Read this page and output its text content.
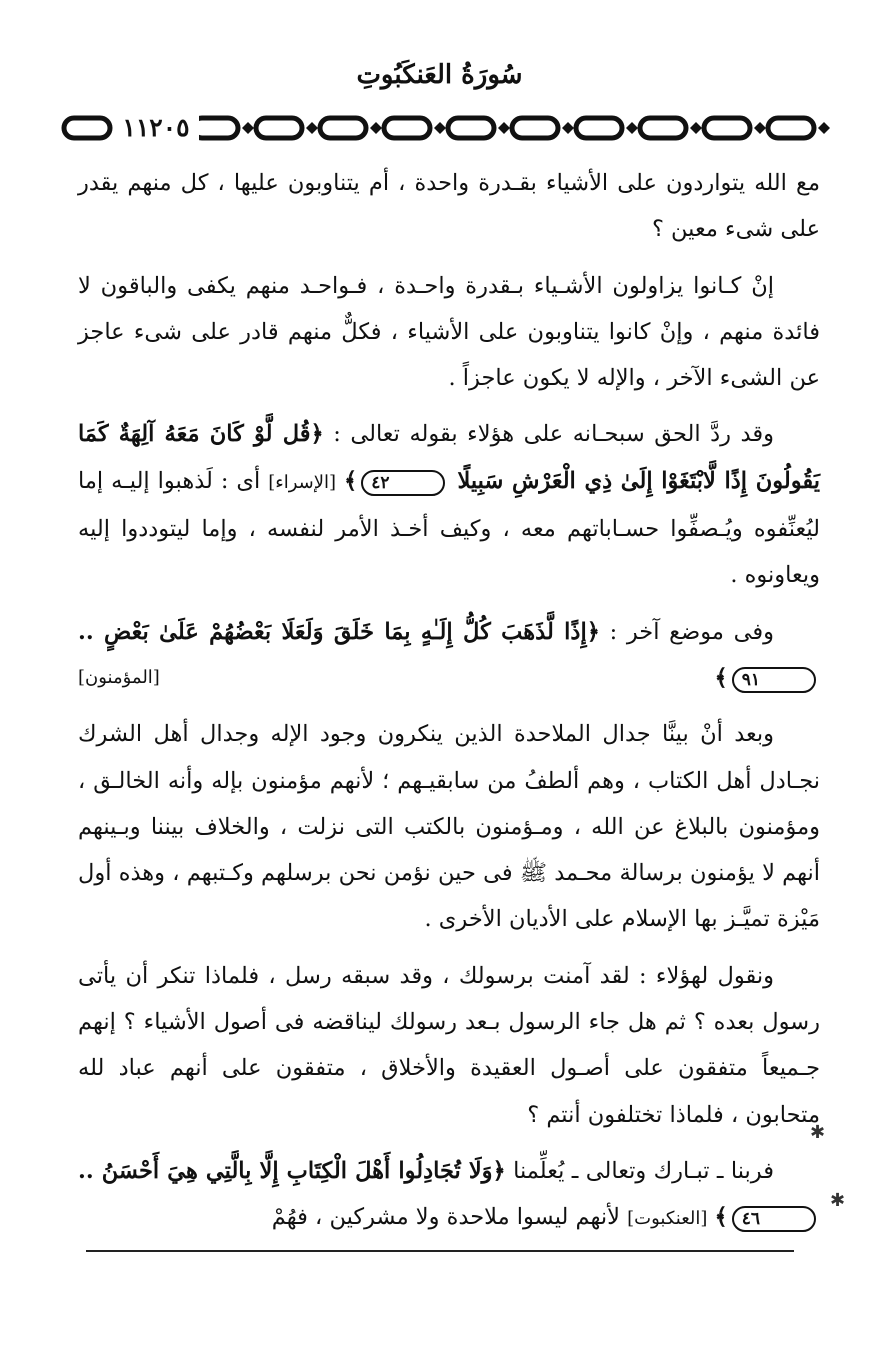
سُورَةُ العَنكَبُوتِ
١١٢٠٥

مع الله يتواردون على الأشياء بقـدرة واحدة ، أم يتناوبون عليها ، كل منهم يقدر على شىء معين ؟

إنْ كـانوا يزاولون الأشـياء بـقدرة واحـدة ، فـواحـد منهم يكفى والباقون لا فائدة منهم ، وإنْ كانوا يتناوبون على الأشياء ، فكلٌّ منهم قادر على شىء عاجز عن الشىء الآخر ، والإله لا يكون عاجزاً .

وقد ردَّ الحق سبحـانه على هؤلاء بقوله تعالى : ﴿قُل لَّوْ كَانَ مَعَهُ آلِهَةٌ كَمَا يَقُولُونَ إِذًا لَّابْتَغَوْا إِلَىٰ ذِي الْعَرْشِ سَبِيلًا ٤٢﴾ [الإسراء] أى : لَذهبوا إليـه إما ليُعنِّفوه ويُـصفِّوا حسـاباتهم معه ، وكيف أخـذ الأمر لنفسه ، وإما ليتوددوا إليه ويعاونوه .

وفى موضع آخر : ﴿إِذًا لَّذَهَبَ كُلُّ إِلَـٰهٍ بِمَا خَلَقَ وَلَعَلَا بَعْضُهُمْ عَلَىٰ بَعْضٍ .. ٩١﴾
[المؤمنون]

وبعد أنْ بينَّا جدال الملاحدة الذين ينكرون وجود الإله وجدال أهل الشرك نجـادل أهل الكتاب ، وهم ألطفُ من سابقيـهم ؛ لأنهم مؤمنون بإله وأنه الخالـق ، ومؤمنون بالبلاغ عن الله ، ومـؤمنون بالكتب التى نزلت ، والخلاف بيننا وبـينهم أنهم لا يؤمنون برسالة محـمد ﷺ فى حين نؤمن نحن برسلهم وكـتبهم ، وهذه أول مَيْزة تميَّـز بها الإسلام على الأديان الأخرى .

ونقول لهؤلاء : لقد آمنت برسولك ، وقد سبقه رسل ، فلماذا تنكر أن يأتى رسول بعده ؟ ثم هل جاء الرسول بـعد رسولك ليناقضه فى أصول الأشياء ؟ إنهم جـميعاً متفقون على أصـول العقيدة والأخلاق ، متفقون على أنهم عباد لله متحابون ، فلماذا تختلفون أنتم ؟

فربنا ـ تبـارك وتعالى ـ يُعلِّمنا ﴿وَلَا تُجَادِلُوا أَهْلَ الْكِتَابِ إِلَّا بِالَّتِي هِيَ أَحْسَنُ .. ٤٦﴾ [العنكبوت] لأنهم ليسوا ملاحدة ولا مشركين ، فهُمْ

✱
✱
